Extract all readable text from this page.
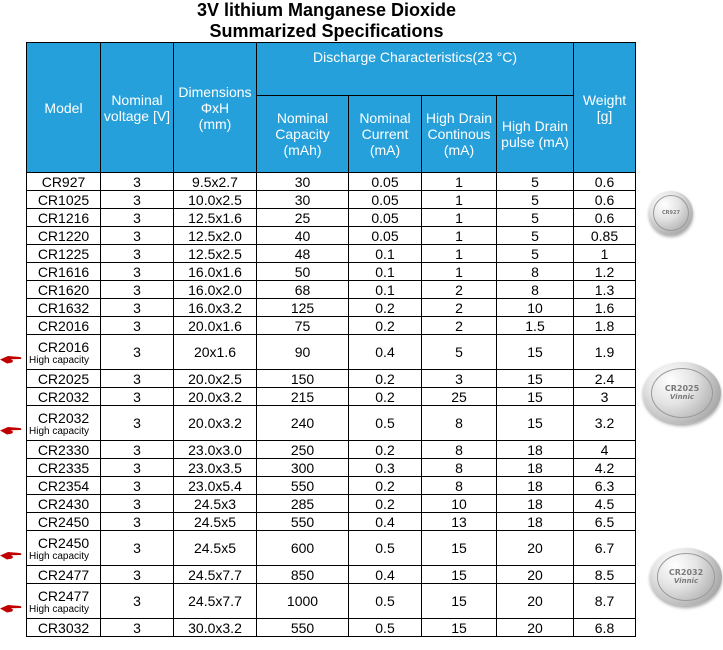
3V lithium Manganese Dioxide
Summarized Specifications
Model	Nominal voltage [V]	Dimensions
ΦxH
(mm)	Discharge Characteristics(23 °C)				Weight [g]
			Nominal Capacity (mAh)	Nominal Current (mA)	High Drain Continous (mA)	High Drain pulse (mA)	

CR927	3	9.5x2.7	30	0.05	1	5	0.6

CR1025	3	10.0x2.5	30	0.05	1	5	0.6

CR1216	3	12.5x1.6	25	0.05	1	5	0.6

CR1220	3	12.5x2.0	40	0.05	1	5	0.85

CR1225	3	12.5x2.5	48	0.1	1	5	1

CR1616	3	16.0x1.6	50	0.1	1	8	1.2

CR1620	3	16.0x2.0	68	0.1	2	8	1.3

CR1632	3	16.0x3.2	125	0.2	2	10	1.6

CR2016	3	20.0x1.6	75	0.2	2	1.5	1.8

CR2016
High capacity	3	20x1.6	90	0.4	5	15	1.9

CR2025	3	20.0x2.5	150	0.2	3	15	2.4

CR2032	3	20.0x3.2	215	0.2	25	15	3

CR2032
High capacity	3	20.0x3.2	240	0.5	8	15	3.2

CR2330	3	23.0x3.0	250	0.2	8	18	4

CR2335	3	23.0x3.5	300	0.3	8	18	4.2

CR2354	3	23.0x5.4	550	0.2	8	18	6.3

CR2430	3	24.5x3	285	0.2	10	18	4.5

CR2450	3	24.5x5	550	0.4	13	18	6.5

CR2450
High capacity	3	24.5x5	600	0.5	15	20	6.7

CR2477	3	24.5x7.7	850	0.4	15	20	8.5

CR2477
High capacity	3	24.5x7.7	1000	0.5	15	20	8.7

CR3032	3	30.0x3.2	550	0.5	15	20	6.8
CR927
CR2025
Vinnic
CR2032
Vinnic
